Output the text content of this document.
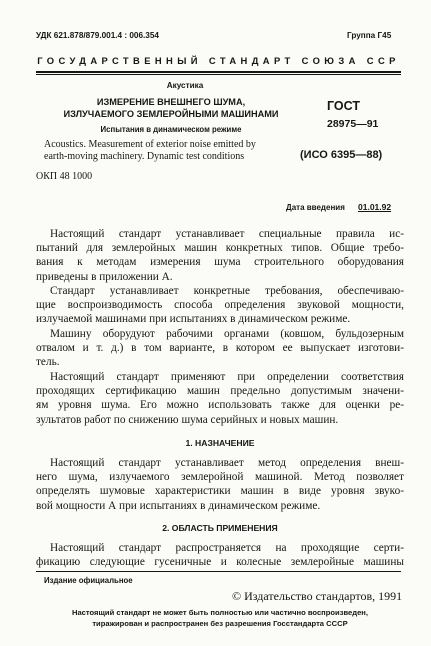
УДК 621.878/879.001.4 : 006.354	Группа Г45
ГОСУДАРСТВЕННЫЙ СТАНДАРТ СОЮЗА ССР
Акустика
ИЗМЕРЕНИЕ ВНЕШНЕГО ШУМА,
ИЗЛУЧАЕМОГО ЗЕМЛЕРОЙНЫМИ МАШИНАМИ
Испытания в динамическом режиме
Acoustics. Measurement of exterior noise emitted by
earth-moving machinery. Dynamic test conditions
ОКП 48 1000
ГОСТ
28975—91
(ИСО 6395—88)
Дата введения 01.01.92
Настоящий стандарт устанавливает специальные правила ис-
пытаний для землеройных машин конкретных типов. Общие требо-
вания к методам измерения шума строительного оборудования
приведены в приложении А.
Стандарт устанавливает конкретные требования, обеспечиваю-
щие воспроизводимость способа определения звуковой мощности,
излучаемой машинами при испытаниях в динамическом режиме.
Машину оборудуют рабочими органами (ковшом, бульдозерным
отвалом и т. д.) в том варианте, в котором ее выпускает изготови-
тель.
Настоящий стандарт применяют при определении соответствия
проходящих сертификацию машин предельно допустимым значени-
ям уровня шума. Его можно использовать также для оценки ре-
зультатов работ по снижению шума серийных и новых машин.
1. НАЗНАЧЕНИЕ
Настоящий стандарт устанавливает метод определения внеш-
него шума, излучаемого землеройной машиной. Метод позволяет
определять шумовые характеристики машин в виде уровня звуко-
вой мощности А при испытаниях в динамическом режиме.
2. ОБЛАСТЬ ПРИМЕНЕНИЯ
Настоящий стандарт распространяется на проходящие серти-
фикацию следующие гусеничные и колесные землеройные машины
Издание официальное
© Издательство стандартов, 1991
Настоящий стандарт не может быть полностью или частично воспроизведен,
тиражирован и распространен без разрешения Госстандарта СССР
